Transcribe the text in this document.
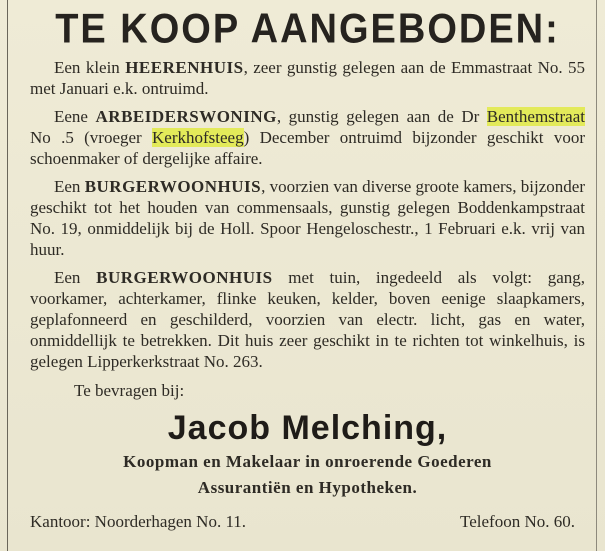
TE KOOP AANGEBODEN:

Een klein HEERENHUIS, zeer gunstig gelegen aan de Emmastraat No. 55 met Januari e.k. ontruimd.

Eene ARBEIDERSWONING, gunstig gelegen aan de Dr Benthemstraat No .5 (vroeger Kerkhofsteeg) December ontruimd bijzonder geschikt voor schoenmaker of dergelijke affaire.

Een BURGERWOONHUIS, voorzien van diverse groote kamers, bijzonder geschikt tot het houden van commensaals, gunstig gelegen Boddenkampstraat No. 19, onmiddelijk bij de Holl. Spoor Hengeloschestr., 1 Februari e.k. vrij van huur.

Een BURGERWOONHUIS met tuin, ingedeeld als volgt: gang, voorkamer, achterkamer, flinke keuken, kelder, boven eenige slaapkamers, geplafonneerd en geschilderd, voorzien van electr. licht, gas en water, onmiddellijk te betrekken. Dit huis zeer geschikt in te richten tot winkelhuis, is gelegen Lipperkerkstraat No. 263.

Te bevragen bij:
Jacob Melching,
Koopman en Makelaar in onroerende Goederen
Assurantiën en Hypotheken.
Kantoor: Noorderhagen No. 11.	Telefoon No. 60.
